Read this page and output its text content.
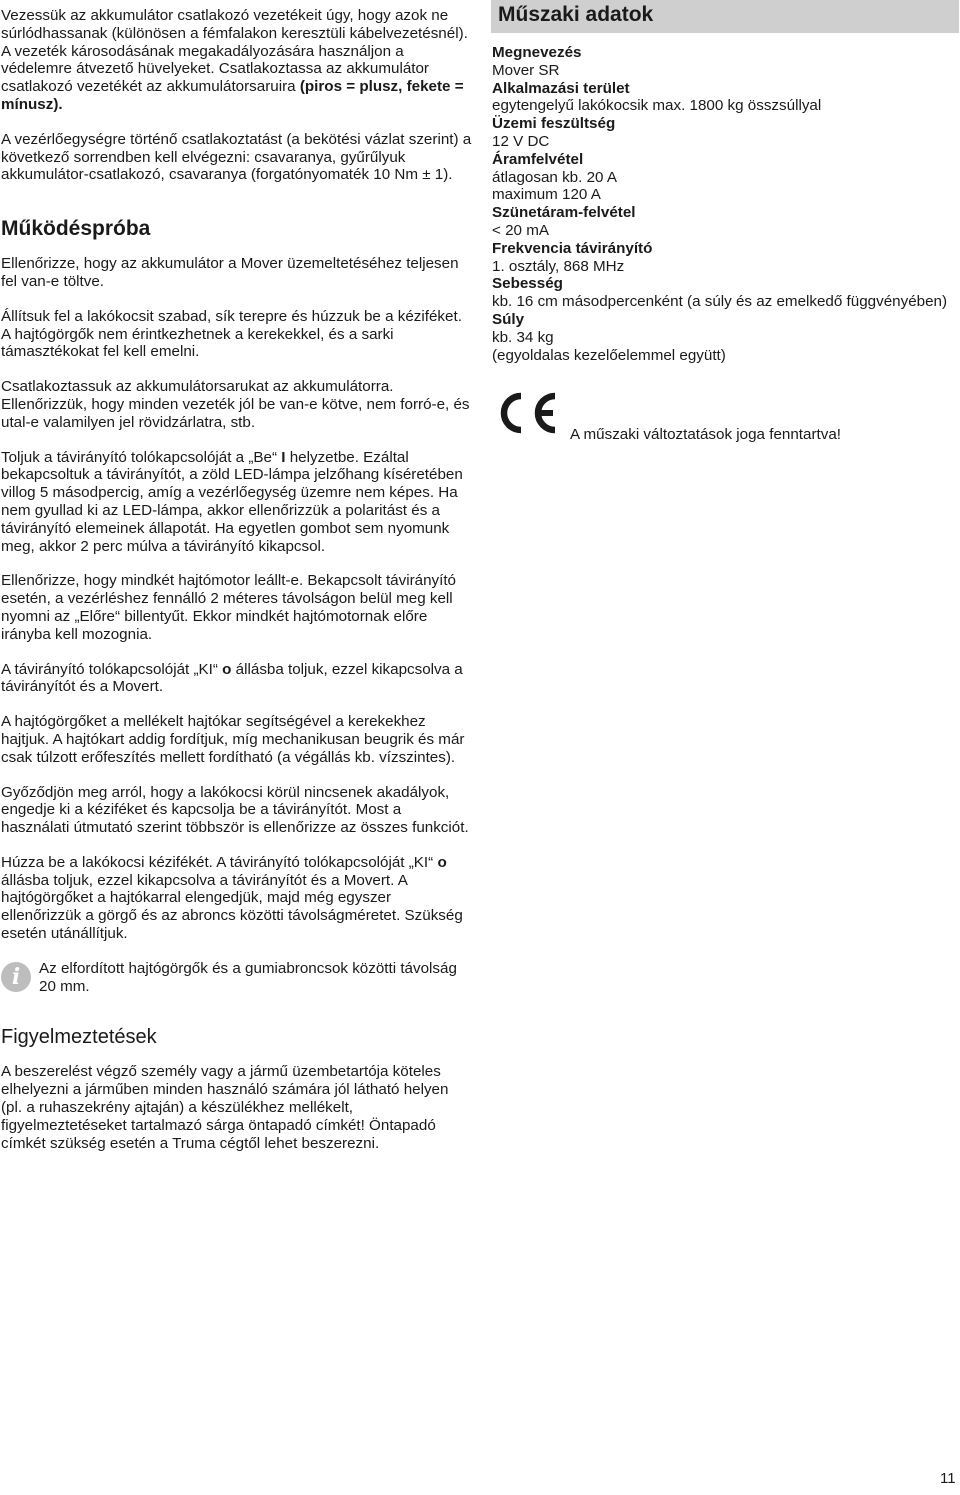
Vezessük az akkumulátor csatlakozó vezetékeit úgy, hogy azok ne súrlódhassanak (különösen a fémfalakon keresztüli kábelvezetésnél). A vezeték károsodásának megakadályozására használjon a védelemre átvezető hüvelyeket. Csatlakoztassa az akkumulátor csatlakozó vezetékét az akkumulátorsaruira (piros = plusz, fekete = mínusz).

A vezérlőegységre történő csatlakoztatást (a bekötési vázlat szerint) a következő sorrendben kell elvégezni: csavaranya, gyűrűlyuk akkumulátor-csatlakozó, csavaranya (forgatónyomaték 10 Nm ± 1).

Működéspróba

Ellenőrizze, hogy az akkumulátor a Mover üzemeltetéséhez teljesen fel van-e töltve.

Állítsuk fel a lakókocsit szabad, sík terepre és húzzuk be a kéziféket. A hajtógörgők nem érintkezhetnek a kerekekkel, és a sarki támasztékokat fel kell emelni.

Csatlakoztassuk az akkumulátorsarukat az akkumulátorra. Ellenőrizzük, hogy minden vezeték jól be van-e kötve, nem forró-e, és utal-e valamilyen jel rövidzárlatra, stb.

Toljuk a távirányító tolókapcsolóját a „Be“ I helyzetbe. Ezáltal bekapcsoltuk a távirányítót, a zöld LED-lámpa jelzőhang kíséretében villog 5 másodpercig, amíg a vezérlőegység üzemre nem képes. Ha nem gyullad ki az LED-lámpa, akkor ellenőrizzük a polaritást és a távirányító elemeinek állapotát. Ha egyetlen gombot sem nyomunk meg, akkor 2 perc múlva a távirányító kikapcsol.

Ellenőrizze, hogy mindkét hajtómotor leállt-e. Bekapcsolt távirányító esetén, a vezérléshez fennálló 2 méteres távolságon belül meg kell nyomni az „Előre“ billentyűt. Ekkor mindkét hajtómotornak előre irányba kell mozognia.

A távirányító tolókapcsolóját „KI“ o állásba toljuk, ezzel kikapcsolva a távirányítót és a Movert.

A hajtógörgőket a mellékelt hajtókar segítségével a kerekekhez hajtjuk. A hajtókart addig fordítjuk, míg mechanikusan beugrik és már csak túlzott erőfeszítés mellett fordítható (a végállás kb. vízszintes).

Győződjön meg arról, hogy a lakókocsi körül nincsenek akadályok, engedje ki a kéziféket és kapcsolja be a távirányítót. Most a használati útmutató szerint többször is ellenőrizze az összes funkciót.

Húzza be a lakókocsi kézifékét. A távirányító tolókapcsolóját „KI“ o állásba toljuk, ezzel kikapcsolva a távirányítót és a Movert. A hajtógörgőket a hajtókarral elengedjük, majd még egyszer ellenőrizzük a görgő és az abroncs közötti távolságméretet. Szükség esetén utánállítjuk.

i	Az elfordított hajtógörgők és a gumiabroncsok közötti távolság 20 mm.

Figyelmeztetések

A beszerelést végző személy vagy a jármű üzembetartója köteles elhelyezni a járműben minden használó számára jól látható helyen (pl. a ruhaszekrény ajtaján) a készülékhez mellékelt, figyelmeztetéseket tartalmazó sárga öntapadó címkét! Öntapadó címkét szükség esetén a Truma cégtől lehet beszerezni.

Műszaki adatok
Megnevezés
Mover SR
Alkalmazási terület
egytengelyű lakókocsik max. 1800 kg összsúllyal
Üzemi feszültség
12 V DC
Áramfelvétel
átlagosan kb. 20 A
maximum 120 A
Szünetáram-felvétel
< 20 mA
Frekvencia távirányító
1. osztály, 868 MHz
Sebesség
kb. 16 cm másodpercenként (a súly és az emelkedő függvényében)
Súly
kb. 34 kg
(egyoldalas kezelőelemmel együtt)
A műszaki változtatások joga fenntartva!
11
